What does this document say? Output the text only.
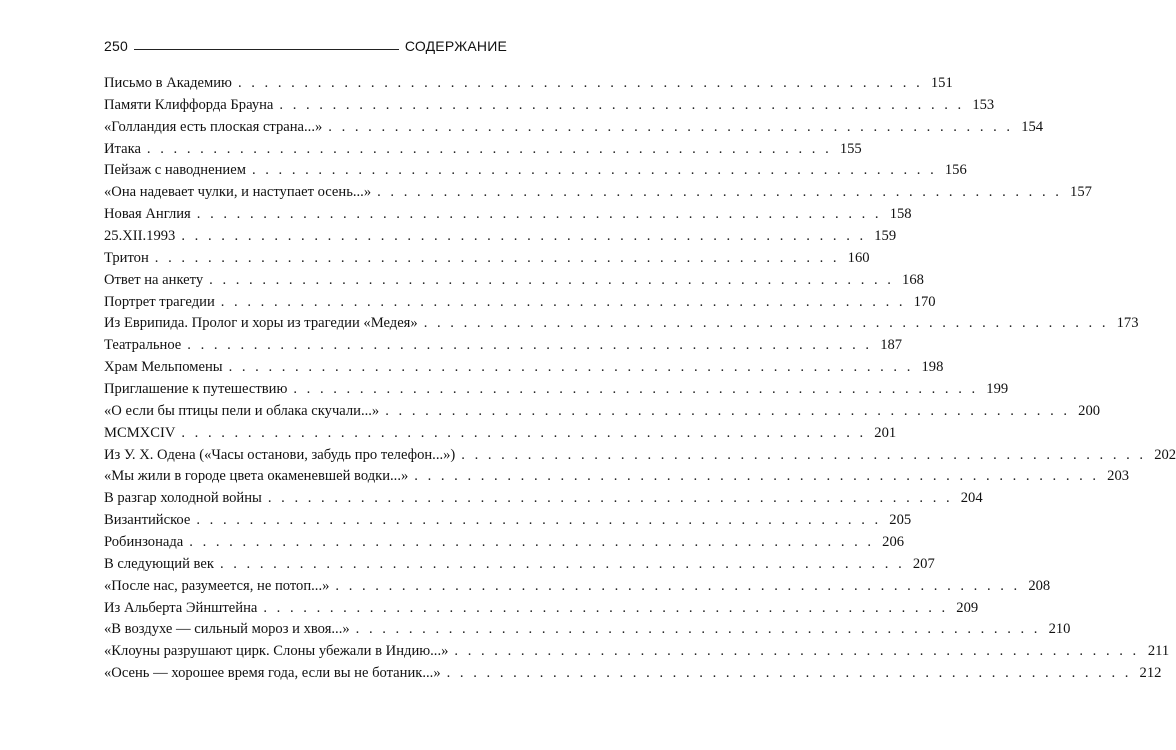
250	СОДЕРЖАНИЕ
Письмо в Академию . . .	151
Памяти Клиффорда Брауна . . .	153
«Голландия есть плоская страна...» . . .	154
Итака . . .	155
Пейзаж с наводнением . . .	156
«Она надевает чулки, и наступает осень...» . . .	157
Новая Англия . . .	158
25.XII.1993 . . .	159
Тритон . . .	160
Ответ на анкету . . .	168
Портрет трагедии . . .	170
Из Еврипида. Пролог и хоры из трагедии «Медея» . . .	173
Театральное . . .	187
Храм Мельпомены . . .	198
Приглашение к путешествию . . .	199
«О если бы птицы пели и облака скучали...» . . .	200
MCMXCIV . . .	201
Из У. Х. Одена («Часы останови, забудь про телефон...») . . .	202
«Мы жили в городе цвета окаменевшей водки...» . . .	203
В разгар холодной войны . . .	204
Византийское . . .	205
Робинзонада . . .	206
В следующий век . . .	207
«После нас, разумеется, не потоп...» . . .	208
Из Альберта Эйнштейна . . .	209
«В воздухе — сильный мороз и хвоя...» . . .	210
«Клоуны разрушают цирк. Слоны убежали в Индию...» . . .	211
«Осень — хорошее время года, если вы не ботаник...» . . .	212
